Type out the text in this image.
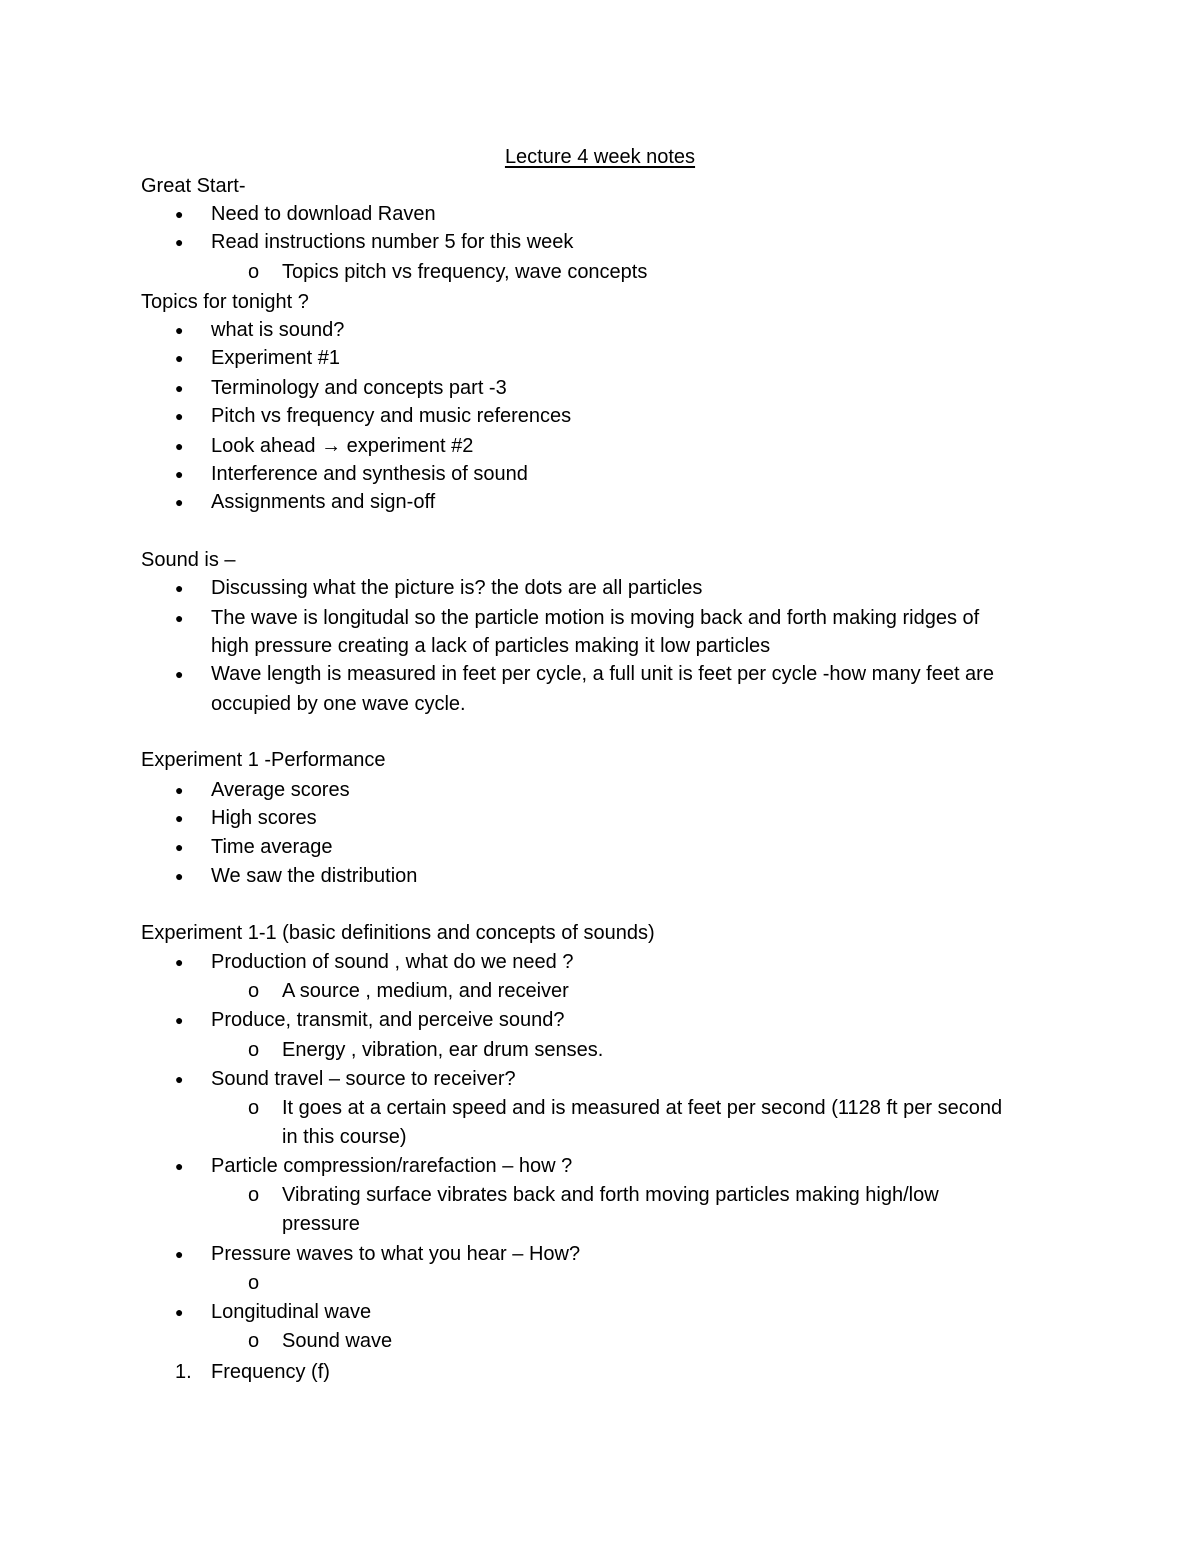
Lecture 4 week notes
Great Start-
● Need to download Raven
● Read instructions number 5 for this week
o Topics pitch vs frequency, wave concepts
Topics for tonight ?
● what is sound?
● Experiment #1
● Terminology and concepts part -3
● Pitch vs frequency and music references
● Look ahead → experiment #2
● Interference and synthesis of sound
● Assignments and sign-off
Sound is –
● Discussing what the picture is? the dots are all particles
● The wave is longitudal so the particle motion is moving back and forth making ridges of
high pressure creating a lack of particles making it low particles
● Wave length is measured in feet per cycle, a full unit is feet per cycle -how many feet are
occupied by one wave cycle.
Experiment 1 -Performance
● Average scores
● High scores
● Time average
● We saw the distribution
Experiment 1-1 (basic definitions and concepts of sounds)
● Production of sound , what do we need ?
o A source , medium, and receiver
● Produce, transmit, and perceive sound?
o Energy , vibration, ear drum senses.
● Sound travel – source to receiver?
o It goes at a certain speed and is measured at feet per second (1128 ft per second
in this course)
● Particle compression/rarefaction – how ?
o Vibrating surface vibrates back and forth moving particles making high/low
pressure
● Pressure waves to what you hear – How?
o
● Longitudinal wave
o Sound wave
1. Frequency (f)
